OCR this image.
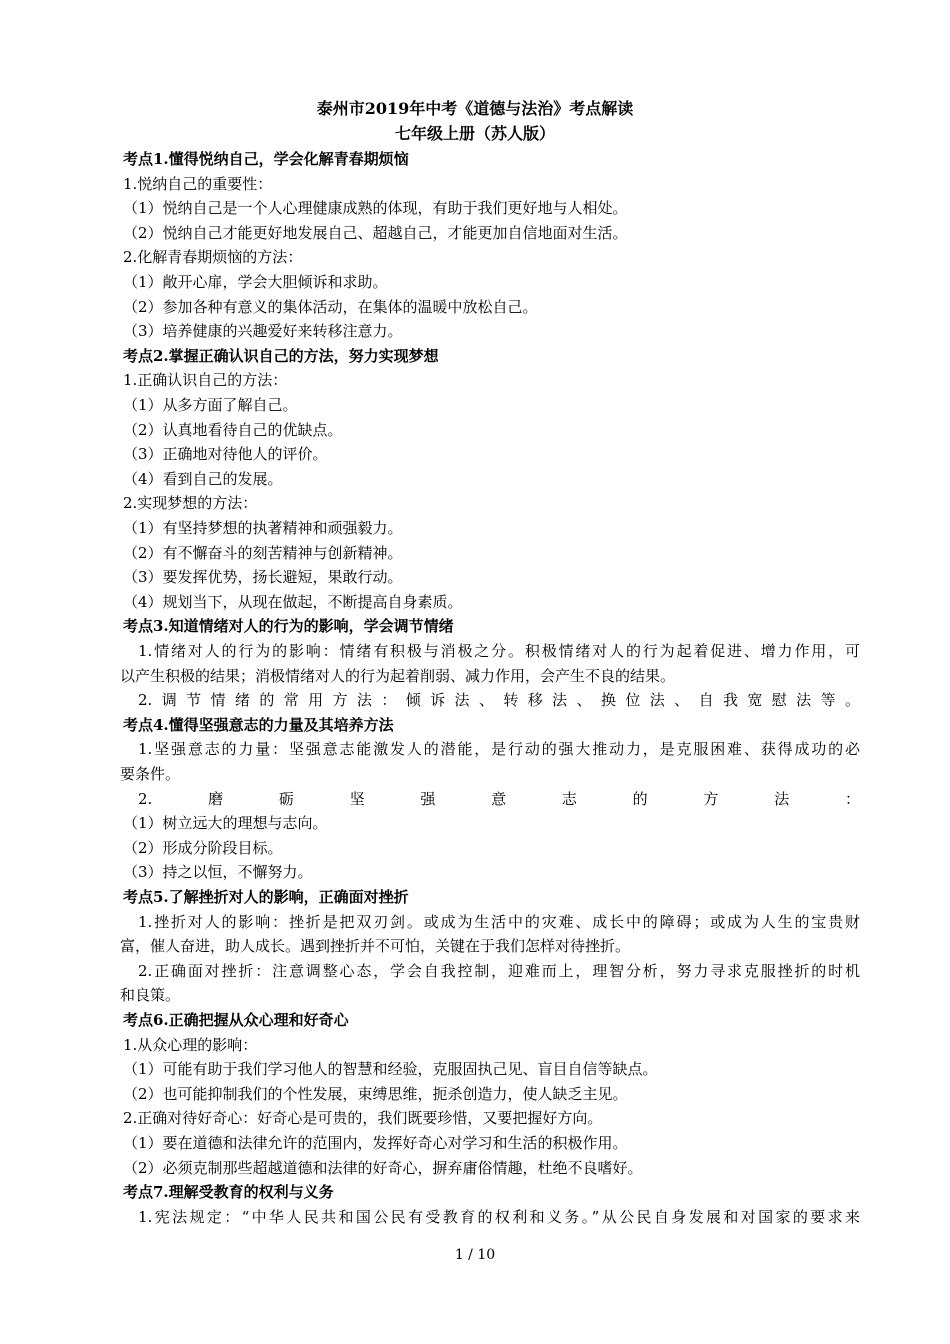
泰州市2019年中考《道德与法治》考点解读
七年级上册（苏人版）
考点1.懂得悦纳自己，学会化解青春期烦恼
1.悦纳自己的重要性：
（1）悦纳自己是一个人心理健康成熟的体现，有助于我们更好地与人相处。
（2）悦纳自己才能更好地发展自己、超越自己，才能更加自信地面对生活。
2.化解青春期烦恼的方法：
（1）敞开心扉，学会大胆倾诉和求助。
（2）参加各种有意义的集体活动，在集体的温暖中放松自己。
（3）培养健康的兴趣爱好来转移注意力。
考点2.掌握正确认识自己的方法，努力实现梦想
1.正确认识自己的方法：
（1）从多方面了解自己。
（2）认真地看待自己的优缺点。
（3）正确地对待他人的评价。
（4）看到自己的发展。
2.实现梦想的方法：
（1）有坚持梦想的执著精神和顽强毅力。
（2）有不懈奋斗的刻苦精神与创新精神。
（3）要发挥优势，扬长避短，果敢行动。
（4）规划当下，从现在做起，不断提高自身素质。
考点3.知道情绪对人的行为的影响，学会调节情绪
1.情绪对人的行为的影响：情绪有积极与消极之分。积极情绪对人的行为起着促进、增力作用，可
以产生积极的结果；消极情绪对人的行为起着削弱、减力作用，会产生不良的结果。
2.调节情绪的常用方法：倾诉法、转移法、换位法、自我宽慰法等。
考点4.懂得坚强意志的力量及其培养方法
1.坚强意志的力量：坚强意志能激发人的潜能，是行动的强大推动力，是克服困难、获得成功的必
要条件。
2.磨砺坚强意志的方法：
（1）树立远大的理想与志向。
（2）形成分阶段目标。
（3）持之以恒，不懈努力。
考点5.了解挫折对人的影响，正确面对挫折
1.挫折对人的影响：挫折是把双刃剑。或成为生活中的灾难、成长中的障碍；或成为人生的宝贵财
富，催人奋进，助人成长。遇到挫折并不可怕，关键在于我们怎样对待挫折。
2.正确面对挫折：注意调整心态，学会自我控制，迎难而上，理智分析，努力寻求克服挫折的时机
和良策。
考点6.正确把握从众心理和好奇心
1.从众心理的影响：
（1）可能有助于我们学习他人的智慧和经验，克服固执己见、盲目自信等缺点。
（2）也可能抑制我们的个性发展，束缚思维，扼杀创造力，使人缺乏主见。
2.正确对待好奇心：好奇心是可贵的，我们既要珍惜，又要把握好方向。
（1）要在道德和法律允许的范围内，发挥好奇心对学习和生活的积极作用。
（2）必须克制那些超越道德和法律的好奇心，摒弃庸俗情趣，杜绝不良嗜好。
考点7.理解受教育的权利与义务
1.宪法规定：“中华人民共和国公民有受教育的权利和义务。”从公民自身发展和对国家的要求来
1 / 10
